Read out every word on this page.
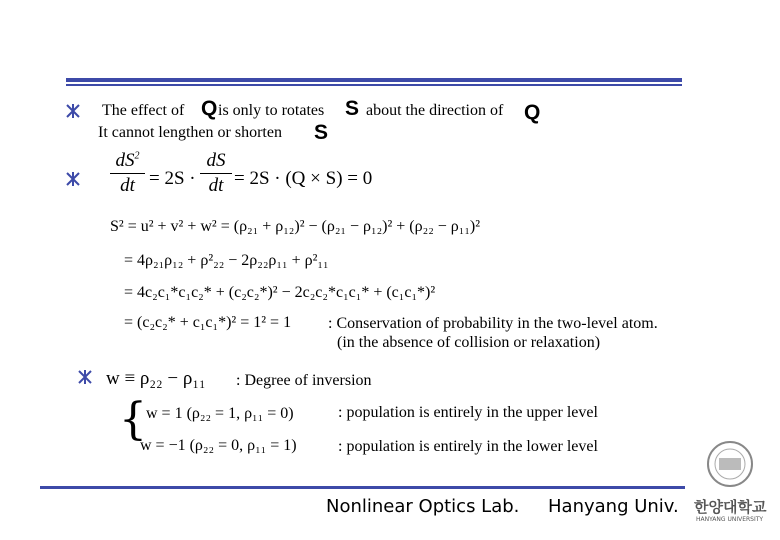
The effect of Q is only to rotates S about the direction of Q
It cannot lengthen or shorten S
$dS^2$
dt = 2S ·
dS
dt = 2S · (Q × S) = 0
S² = u² + v² + w² = (ρ₂₁ + ρ₁₂)² − (ρ₂₁ − ρ₁₂)² + (ρ₂₂ − ρ₁₁)²
= 4ρ₂₁ρ₁₂ + ρ²₂₂ − 2ρ₂₂ρ₁₁ + ρ²₁₁
= 4c₂c₁*c₁c₂* + (c₂c₂*)² − 2c₂c₂*c₁c₁* + (c₁c₁*)²
= (c₂c₂* + c₁c₁*)² = 1² = 1 : Conservation of probability in the two-level atom.
(in the absence of collision or relaxation)
w ≡ ρ₂₂ − ρ₁₁ : Degree of inversion
{ w = 1 (ρ₂₂ = 1, ρ₁₁ = 0)	: population is entirely in the upper level
w = −1 (ρ₂₂ = 0, ρ₁₁ = 1)	: population is entirely in the lower level
Nonlinear Optics Lab. Hanyang Univ. 한양대학교
HANYANG UNIVERSITY
